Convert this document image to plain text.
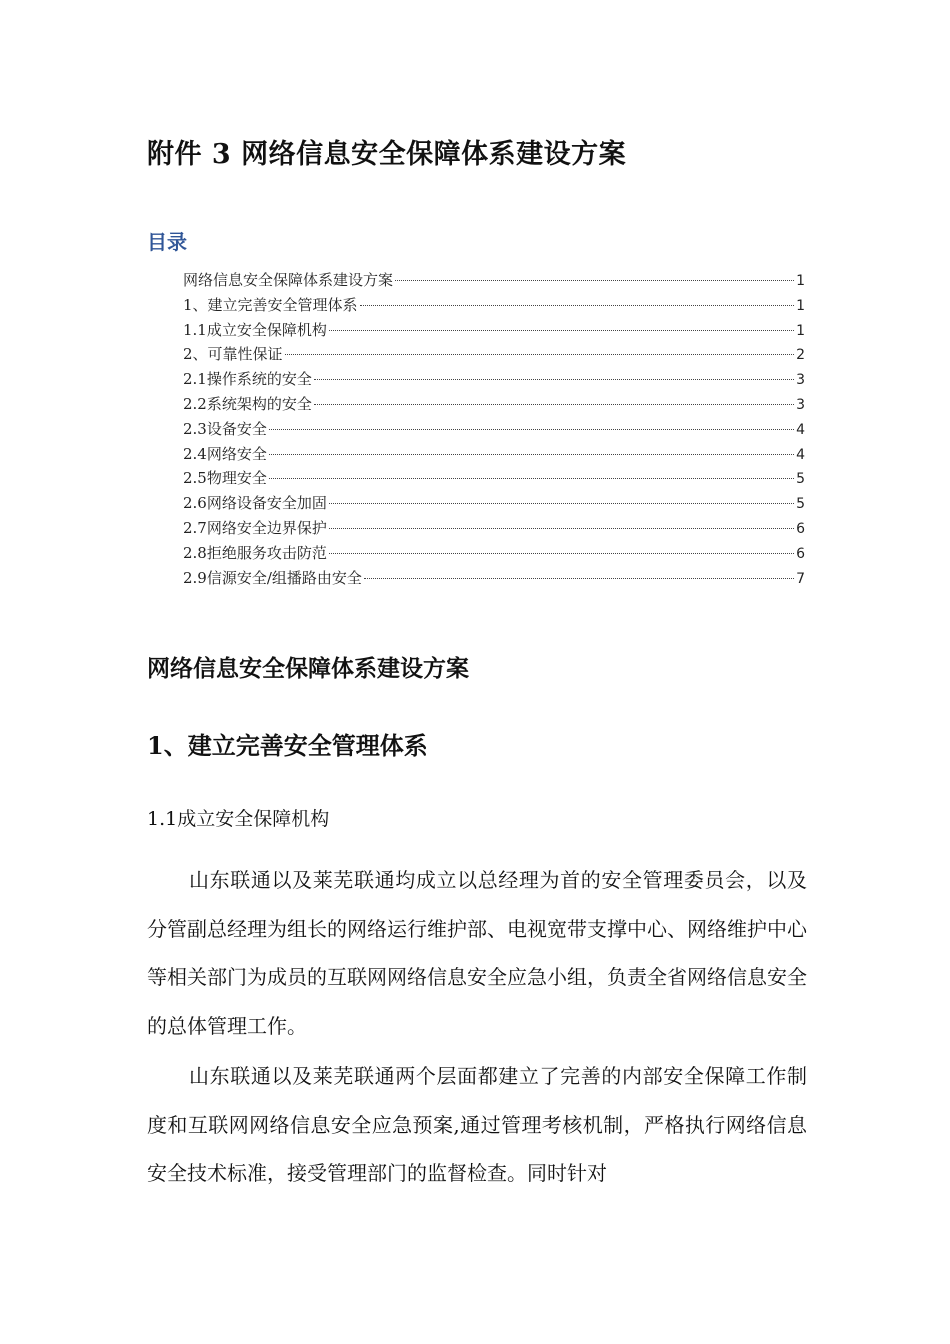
附件 3 网络信息安全保障体系建设方案
目录
网络信息安全保障体系建设方案	1
1、建立完善安全管理体系	1
1.1成立安全保障机构	1
2、可靠性保证	2
2.1操作系统的安全	3
2.2系统架构的安全	3
2.3设备安全	4
2.4网络安全	4
2.5物理安全	5
2.6网络设备安全加固	5
2.7网络安全边界保护	6
2.8拒绝服务攻击防范	6
2.9信源安全/组播路由安全	7
网络信息安全保障体系建设方案
1、建立完善安全管理体系
1.1成立安全保障机构

山东联通以及莱芜联通均成立以总经理为首的安全管理委员会，以及分管副总经理为组长的网络运行维护部、电视宽带支撑中心、网络维护中心等相关部门为成员的互联网网络信息安全应急小组，负责全省网络信息安全的总体管理工作。

山东联通以及莱芜联通两个层面都建立了完善的内部安全保障工作制度和互联网网络信息安全应急预案,通过管理考核机制，严格执行网络信息安全技术标准，接受管理部门的监督检查。同时针对
